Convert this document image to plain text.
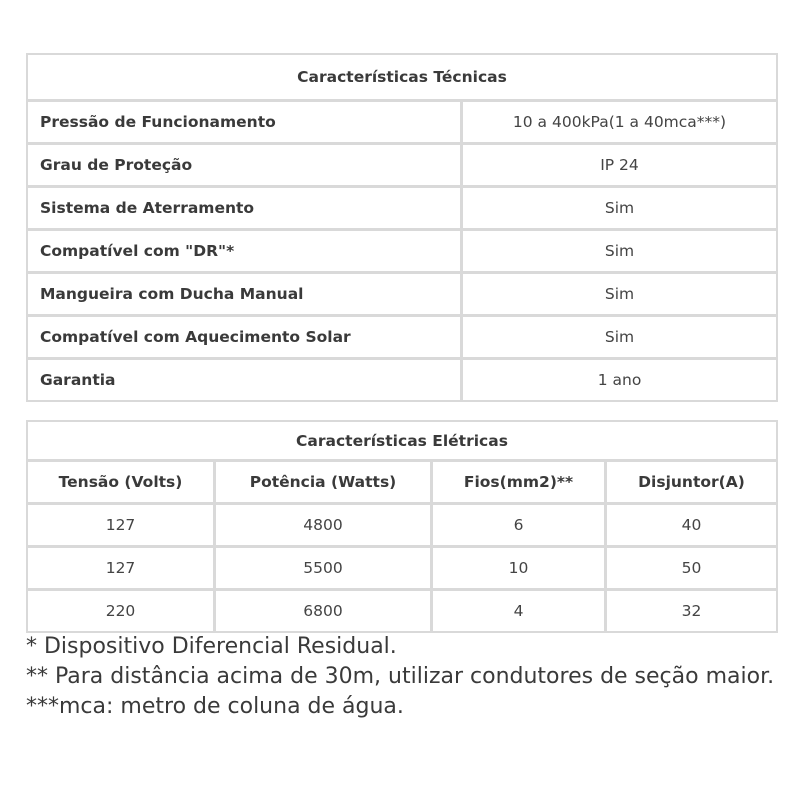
Características Técnicas
Pressão de Funcionamento	10 a 400kPa(1 a 40mca***)
Grau de Proteção	IP 24
Sistema de Aterramento	Sim
Compatível com "DR"*	Sim
Mangueira com Ducha Manual	Sim
Compatível com Aquecimento Solar	Sim
Garantia	1 ano
Características Elétricas
Tensão (Volts)	Potência (Watts)	Fios(mm2)**	Disjuntor(A)
127	4800	6	40
127	5500	10	50
220	6800	4	32
* Dispositivo Diferencial Residual.
** Para distância acima de 30m, utilizar condutores de seção maior.
***mca: metro de coluna de água.
